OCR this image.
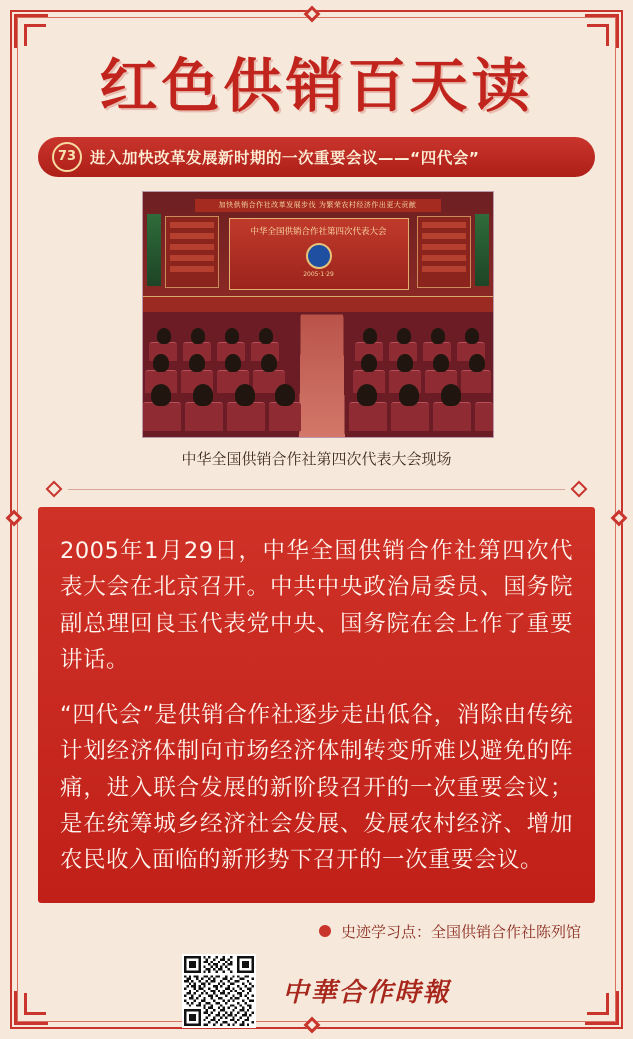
红色供销百天读
73 进入加快改革发展新时期的一次重要会议——“四代会”
加快供销合作社改革发展步伐 为繁荣农村经济作出更大贡献
中华全国供销合作社第四次代表大会
2005·1·29
中华全国供销合作社第四次代表大会现场

2005年1月29日，中华全国供销合作社第四次代表大会在北京召开。中共中央政治局委员、国务院副总理回良玉代表党中央、国务院在会上作了重要讲话。

“四代会”是供销合作社逐步走出低谷，消除由传统计划经济体制向市场经济体制转变所难以避免的阵痛，进入联合发展的新阶段召开的一次重要会议；是在统筹城乡经济社会发展、发展农村经济、增加农民收入面临的新形势下召开的一次重要会议。

史迹学习点：全国供销合作社陈列馆
中華合作時報
